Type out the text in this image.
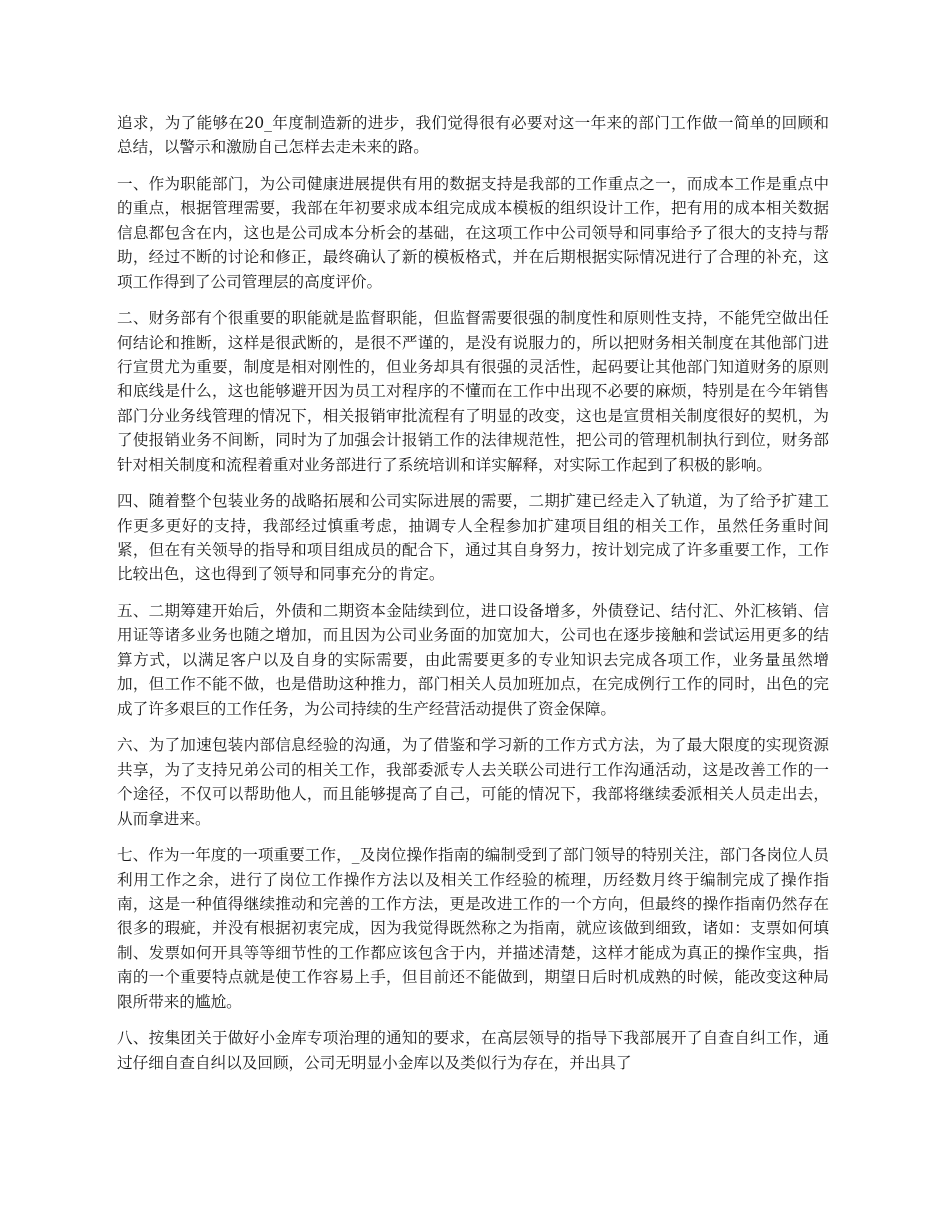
追求，为了能够在20_年度制造新的进步，我们觉得很有必要对这一年来的部门工作做一简单的回顾和总结，以警示和激励自己怎样去走未来的路。

一、作为职能部门，为公司健康进展提供有用的数据支持是我部的工作重点之一，而成本工作是重点中的重点，根据管理需要，我部在年初要求成本组完成成本模板的组织设计工作，把有用的成本相关数据信息都包含在内，这也是公司成本分析会的基础，在这项工作中公司领导和同事给予了很大的支持与帮助，经过不断的讨论和修正，最终确认了新的模板格式，并在后期根据实际情况进行了合理的补充，这项工作得到了公司管理层的高度评价。

二、财务部有个很重要的职能就是监督职能，但监督需要很强的制度性和原则性支持，不能凭空做出任何结论和推断，这样是很武断的，是很不严谨的，是没有说服力的，所以把财务相关制度在其他部门进行宣贯尤为重要，制度是相对刚性的，但业务却具有很强的灵活性，起码要让其他部门知道财务的原则和底线是什么，这也能够避开因为员工对程序的不懂而在工作中出现不必要的麻烦，特别是在今年销售部门分业务线管理的情况下，相关报销审批流程有了明显的改变，这也是宣贯相关制度很好的契机，为了使报销业务不间断，同时为了加强会计报销工作的法律规范性，把公司的管理机制执行到位，财务部针对相关制度和流程着重对业务部进行了系统培训和详实解释，对实际工作起到了积极的影响。

四、随着整个包装业务的战略拓展和公司实际进展的需要，二期扩建已经走入了轨道，为了给予扩建工作更多更好的支持，我部经过慎重考虑，抽调专人全程参加扩建项目组的相关工作，虽然任务重时间紧，但在有关领导的指导和项目组成员的配合下，通过其自身努力，按计划完成了许多重要工作，工作比较出色，这也得到了领导和同事充分的肯定。

五、二期筹建开始后，外债和二期资本金陆续到位，进口设备增多，外债登记、结付汇、外汇核销、信用证等诸多业务也随之增加，而且因为公司业务面的加宽加大，公司也在逐步接触和尝试运用更多的结算方式，以满足客户以及自身的实际需要，由此需要更多的专业知识去完成各项工作，业务量虽然增加，但工作不能不做，也是借助这种推力，部门相关人员加班加点，在完成例行工作的同时，出色的完成了许多艰巨的工作任务，为公司持续的生产经营活动提供了资金保障。

六、为了加速包装内部信息经验的沟通，为了借鉴和学习新的工作方式方法，为了最大限度的实现资源共享，为了支持兄弟公司的相关工作，我部委派专人去关联公司进行工作沟通活动，这是改善工作的一个途径，不仅可以帮助他人，而且能够提高了自己，可能的情况下，我部将继续委派相关人员走出去，从而拿进来。

七、作为一年度的一项重要工作，_及岗位操作指南的编制受到了部门领导的特别关注，部门各岗位人员利用工作之余，进行了岗位工作操作方法以及相关工作经验的梳理，历经数月终于编制完成了操作指南，这是一种值得继续推动和完善的工作方法，更是改进工作的一个方向，但最终的操作指南仍然存在很多的瑕疵，并没有根据初衷完成，因为我觉得既然称之为指南，就应该做到细致，诸如：支票如何填制、发票如何开具等等细节性的工作都应该包含于内，并描述清楚，这样才能成为真正的操作宝典，指南的一个重要特点就是使工作容易上手，但目前还不能做到，期望日后时机成熟的时候，能改变这种局限所带来的尴尬。

八、按集团关于做好小金库专项治理的通知的要求，在高层领导的指导下我部展开了自查自纠工作，通过仔细自查自纠以及回顾，公司无明显小金库以及类似行为存在，并出具了
